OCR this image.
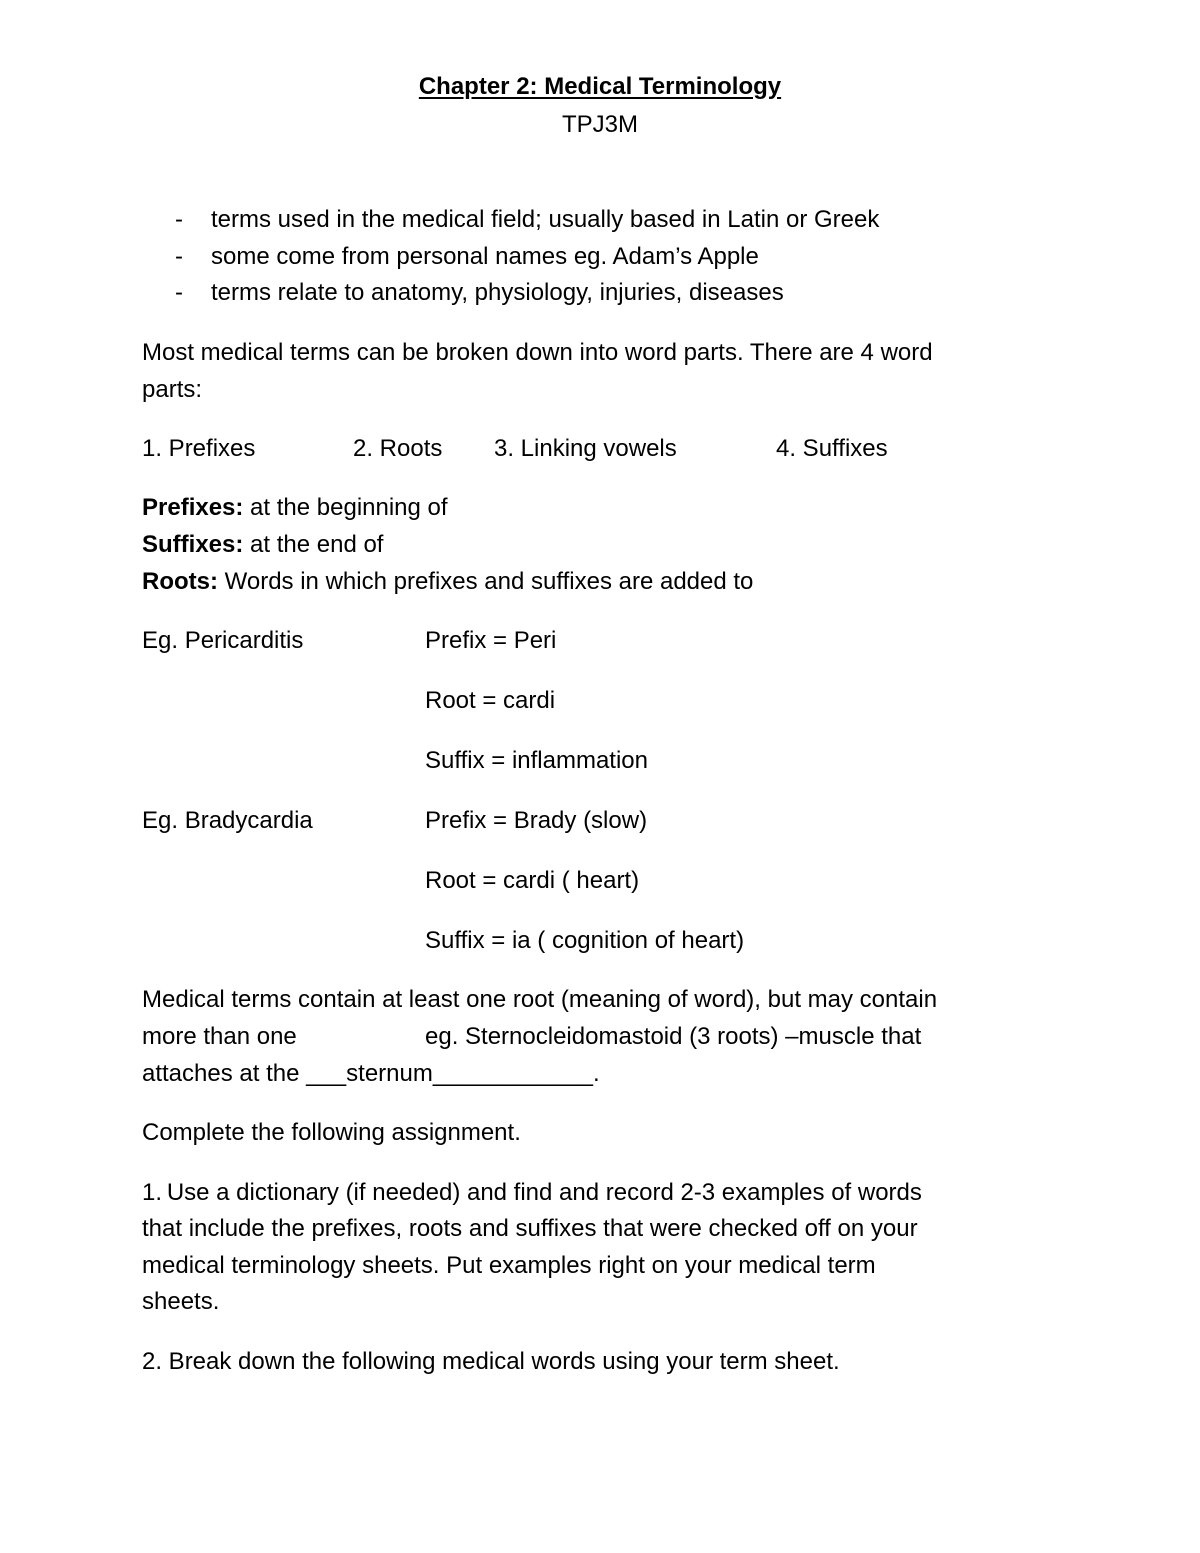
Chapter 2: Medical Terminology
TPJ3M
- terms used in the medical field; usually based in Latin or Greek
- some come from personal names eg. Adam’s Apple
- terms relate to anatomy, physiology, injuries, diseases
Most medical terms can be broken down into word parts. There are 4 word
parts:
1. Prefixes	2. Roots 3. Linking vowels	4. Suffixes
Prefixes: at the beginning of
Suffixes: at the end of
Roots: Words in which prefixes and suffixes are added to
Eg. Pericarditis	Prefix = Peri
Root = cardi
Suffix = inflammation
Eg. Bradycardia	Prefix = Brady (slow)
Root = cardi ( heart)
Suffix = ia ( cognition of heart)
Medical terms contain at least one root (meaning of word), but may contain
more than one	eg. Sternocleidomastoid (3 roots) –muscle that
attaches at the ___sternum____________.
Complete the following assignment.
1. Use a dictionary (if needed) and find and record 2-3 examples of words
that include the prefixes, roots and suffixes that were checked off on your
medical terminology sheets. Put examples right on your medical term
sheets.
2. Break down the following medical words using your term sheet.
